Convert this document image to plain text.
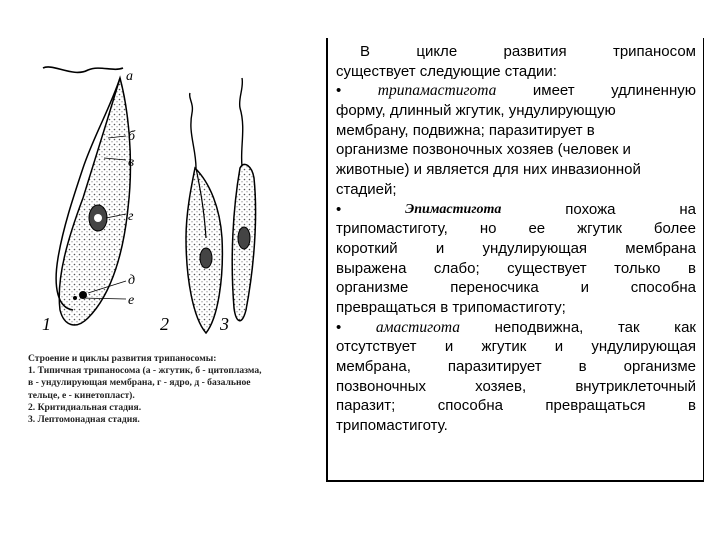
а
б
в
г
д
е
1	2	3
Строение и циклы развития трипаносомы:
1. Типичная трипаносома (а - жгутик, б - цитоплазма,
в - ундулирующая мембрана, г - ядро, д - базальное
тельце, е - кинетопласт).
2. Критидиальная стадия.
3. Лептомонадная стадия.
В	цикле	развития	трипаносом
существует следующие стадии:
• трипамастигота имеет удлиненную
форму, длинный жгутик, ундулирующую
мембрану, подвижна; паразитирует в
организме позвоночных хозяев (человек и
животные) и является для них инвазионной
стадией;
•	Эпимастигота	похожа	на
трипомастиготу, но ее жгутик более
короткий	и	ундулирующая	мембрана
выражена слабо; существует только в
организме	переносчика	и	способна
превращаться в трипомастиготу;
• амастигота неподвижна, так как
отсутствует и жгутик и ундулирующая
мембрана, паразитирует в организме
позвоночных	хозяев,	внутриклеточный
паразит;	способна	превращаться	в
трипомастиготу.
